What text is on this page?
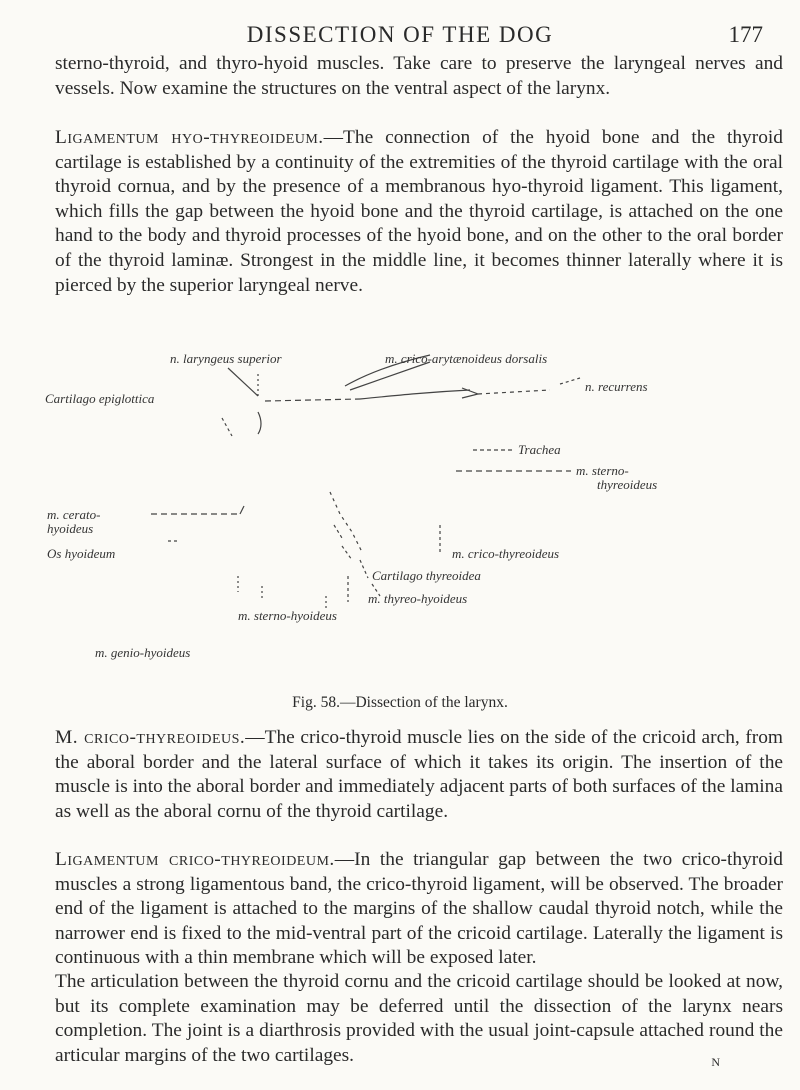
DISSECTION OF THE DOG	177

sterno-thyroid, and thyro-hyoid muscles. Take care to preserve the laryngeal nerves and vessels. Now examine the structures on the ventral aspect of the larynx.

Ligamentum hyo-thyreoideum.—The connection of the hyoid bone and the thyroid cartilage is established by a continuity of the extremities of the thyroid cartilage with the oral thyroid cornua, and by the presence of a membranous hyo-thyroid ligament. This ligament, which fills the gap between the hyoid bone and the thyroid cartilage, is attached on the one hand to the body and thyroid processes of the hyoid bone, and on the other to the oral border of the thyroid laminæ. Strongest in the middle line, it becomes thinner laterally where it is pierced by the superior laryngeal nerve.

n. laryngeus superior	m. crico-arytænoideus dorsalis
Cartilago epiglottica
n. recurrens
Trachea
m. sterno-
thyreoideus
m. cerato-
hyoideus
Os hyoideum	m. crico-thyreoideus
Cartilago thyreoidea
m. thyreo-hyoideus
m. sterno-hyoideus
m. genio-hyoideus
Fig. 58.—Dissection of the larynx.

M. crico-thyreoideus.—The crico-thyroid muscle lies on the side of the cricoid arch, from the aboral border and the lateral surface of which it takes its origin. The insertion of the muscle is into the aboral border and immediately adjacent parts of both surfaces of the lamina as well as the aboral cornu of the thyroid cartilage.

Ligamentum crico-thyreoideum.—In the triangular gap between the two crico-thyroid muscles a strong ligamentous band, the crico-thyroid ligament, will be observed. The broader end of the ligament is attached to the margins of the shallow caudal thyroid notch, while the narrower end is fixed to the mid-ventral part of the cricoid cartilage. Laterally the ligament is continuous with a thin membrane which will be exposed later.

The articulation between the thyroid cornu and the cricoid cartilage should be looked at now, but its complete examination may be deferred until the dissection of the larynx nears completion. The joint is a diarthrosis provided with the usual joint-capsule attached round the articular margins of the two cartilages.	N
